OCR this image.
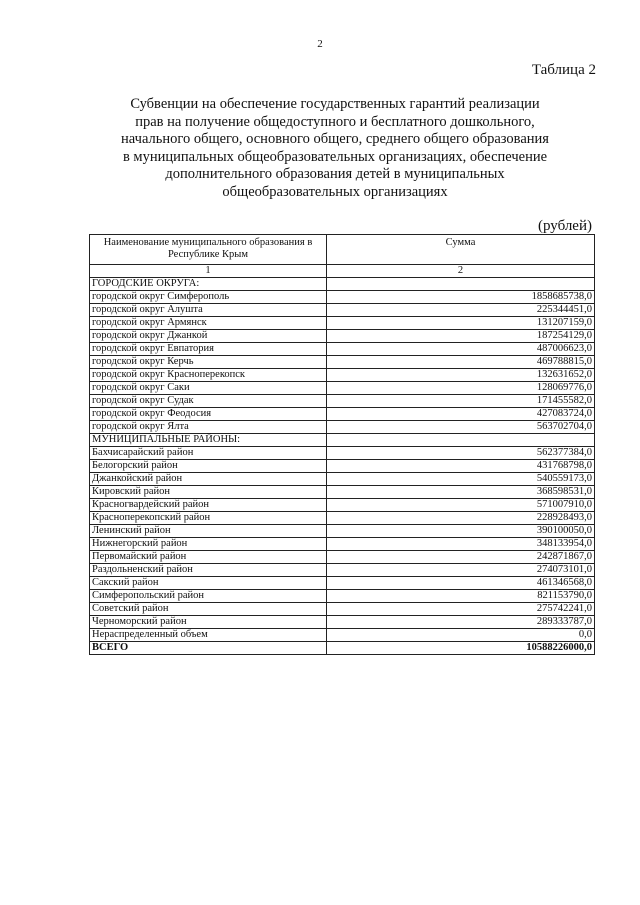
2
Таблица 2
Субвенции на обеспечение государственных гарантий реализации
прав на получение общедоступного и бесплатного дошкольного,
начального общего, основного общего, среднего общего образования
в муниципальных общеобразовательных организациях, обеспечение
дополнительного образования детей в муниципальных
общеобразовательных организациях
(рублей)
Наименование муниципального образования в Республике Крым	Сумма
1	2
ГОРОДСКИЕ ОКРУГА:	
городской округ Симферополь	1858685738,0
городской округ Алушта	225344451,0
городской округ Армянск	131207159,0
городской округ Джанкой	187254129,0
городской округ Евпатория	487006623,0
городской округ Керчь	469788815,0
городской округ Красноперекопск	132631652,0
городской округ Саки	128069776,0
городской округ Судак	171455582,0
городской округ Феодосия	427083724,0
городской округ Ялта	563702704,0
МУНИЦИПАЛЬНЫЕ РАЙОНЫ:	
Бахчисарайский район	562377384,0
Белогорский район	431768798,0
Джанкойский район	540559173,0
Кировский район	368598531,0
Красногвардейский район	571007910,0
Красноперекопский район	228928493,0
Ленинский район	390100050,0
Нижнегорский район	348133954,0
Первомайский район	242871867,0
Раздольненский район	274073101,0
Сакский район	461346568,0
Симферопольский район	821153790,0
Советский район	275742241,0
Черноморский район	289333787,0
Нераспределенный объем	0,0
ВСЕГО	10588226000,0
